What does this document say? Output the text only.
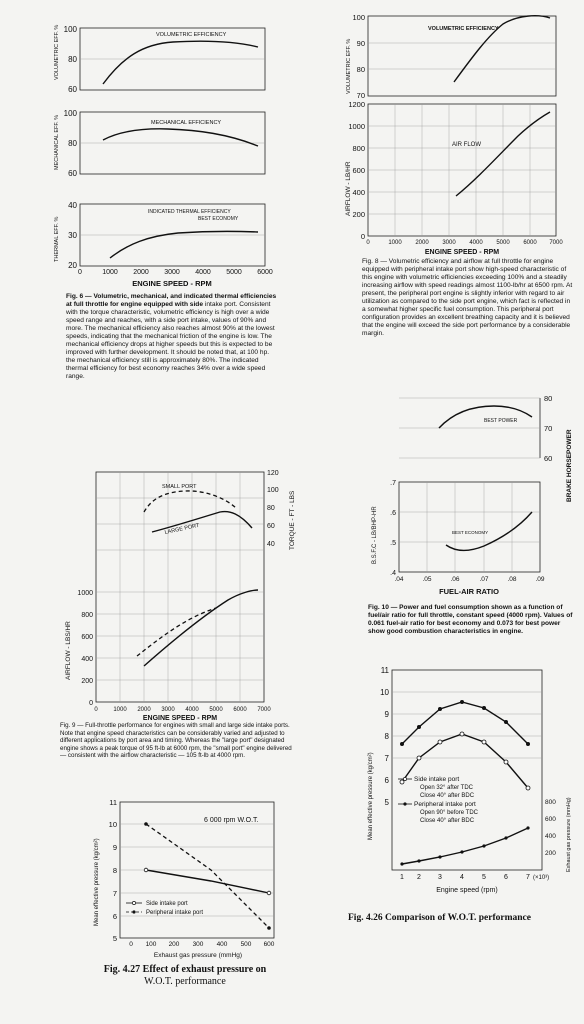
100
80
60
VOLUMETRIC EFF. %	VOLUMETRIC EFFICIENCY
100
80
60
MECHANICAL EFF. %	MECHANICAL EFFICIENCY
40
30
20
THERMAL EFF. %
INDICATED THERMAL EFFICIENCY
BEST ECONOMY
0	1000 2000 3000 4000 5000 6000
ENGINE SPEED - RPM
Fig. 6 — Volumetric, mechanical, and indicated thermal efficiencies at full throttle for engine equipped with side intake port. Consistent with the torque characteristic, volumetric efficiency is high over a wide speed range and reaches, with a side port intake, values of 90% and more. The mechanical efficiency also reaches almost 90% at the lowest speeds, indicating that the mechanical friction of the engine is low. The mechanical efficiency drops at higher speeds but this is expected to be improved with further development. It should be noted that, at 100 hp. the mechanical efficiency still is approximately 80%. The indicated thermal efficiency for best economy reaches 34% over a wide speed range.
100
90
80
70
VOLUMETRIC EFF. %
VOLUMETRIC EFFICIENCY
1200
1000
800
600
400
200
0
AIRFLOW - LB/HR
AIR FLOW
0	1000 2000 3000 4000 5000 6000 7000
ENGINE SPEED - RPM
Fig. 8 — Volumetric efficiency and airflow at full throttle for engine equipped with peripheral intake port show high-speed characteristic of this engine with volumetric efficiencies exceeding 100% and a steadily increasing airflow with speed readings almost 1100-lb/hr at 6500 rpm. At present, the peripheral port engine is slightly inferior with regard to air utilization as compared to the side port engine, which fact is reflected in a somewhat higher specific fuel consumption. This peripheral port configuration provides an excellent breathing capacity and it is believed that the engine will exceed the side port performance by a considerable margin.
80
70
60 BRAKE HORSEPOWER
BEST POWER
.7
.6
.5
.4
B.S.F.C - LB/BHP-HR	BEST ECONOMY
.04	.05	.06	.07	.08	.09
FUEL-AIR RATIO
Fig. 10 — Power and fuel consumption shown as a function of fuel/air ratio for full throttle, constant speed (4000 rpm). Values of 0.061 fuel-air ratio for best economy and 0.073 for best power show good combustion characteristics in engine.
120
100
80
60
40 TORQUE - FT - LBS
1000
800
600
400
200
0
AIRFLOW - LBS/HR
SMALL PORT
LARGE PORT
0	1000 2000 3000 4000 5000 6000 7000
ENGINE SPEED - RPM
Fig. 9 — Full-throttle performance for engines with small and large side intake ports. Note that engine speed characteristics can be considerably varied and adjusted to different applications by port area and timing. Whereas the "large port" designated engine shows a peak torque of 95 ft-lb at 6000 rpm, the "small port" engine delivered — consistent with the airflow characteristic — 105 ft-lb at 4000 rpm.
11
10
9
8
7
6
5
Mean effective pressure (kg/cm²)
6 000 rpm W.O.T.
Side intake port
Peripheral intake port
0 100 200 300 400 500 600
Exhaust gas pressure (mmHg)
Fig. 4.27 Effect of exhaust pressure on
W.O.T. performance
11
10
9
8
7
6
5
Mean effective pressure (kg/cm²)	800
600
400
200 Exhaust gas pressure (mmHg)
Side intake port
Open 32° after TDC
Close 40° after BDC
Peripheral intake port
Open 90° before TDC
Close 40° after BDC
1 2 3	4	5	6	7 (×10³)
Engine speed (rpm)
Fig. 4.26 Comparison of W.O.T. performance
